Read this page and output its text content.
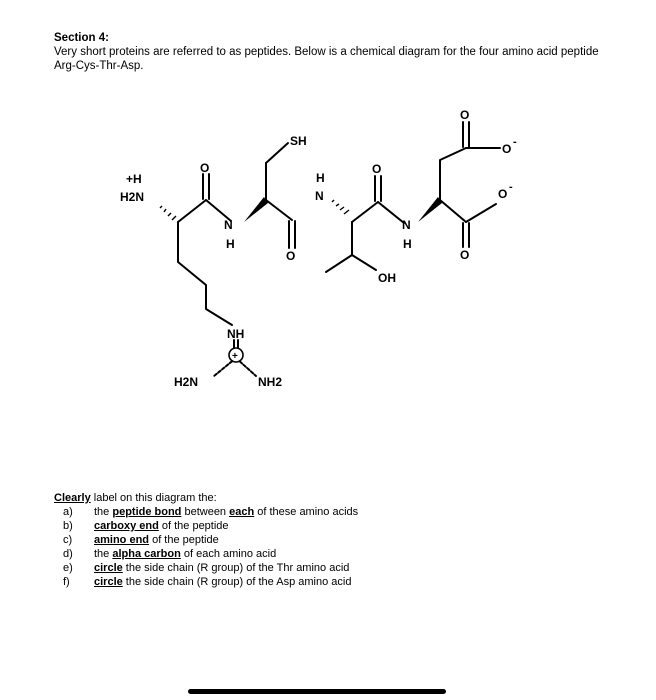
Section 4:
Very short proteins are referred to as peptides. Below is a chemical diagram for the four amino acid peptide Arg-Cys-Thr-Asp.
+H
H2N
N
H
O
O
SH
H
N
O
OH
N
H
O
O -
O -
O
NH
+
H2N	NH2
Clearly label on this diagram the:
a) the peptide bond between each of these amino acids
b) carboxy end of the peptide
c) amino end of the peptide
d) the alpha carbon of each amino acid
e) circle the side chain (R group) of the Thr amino acid
f) circle the side chain (R group) of the Asp amino acid
